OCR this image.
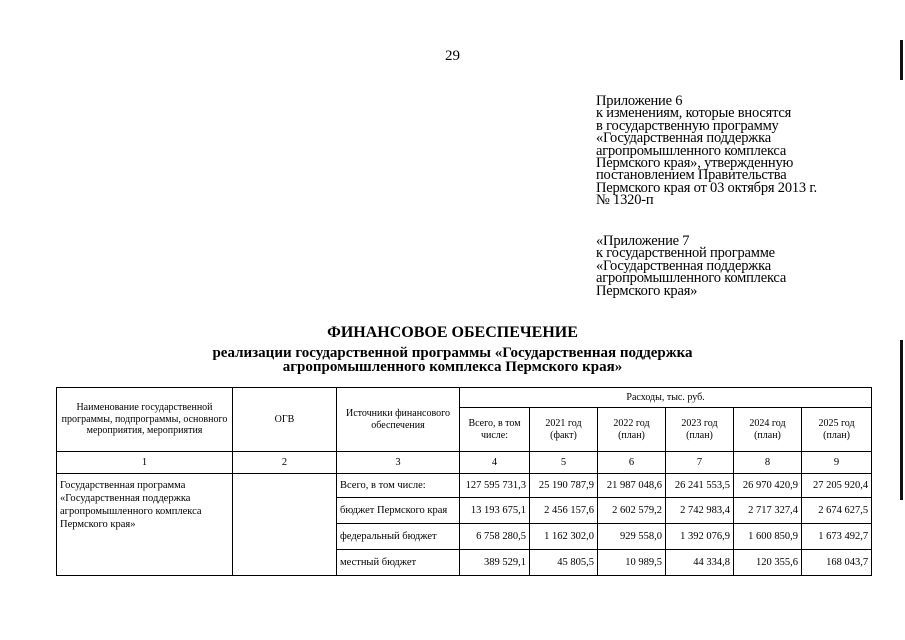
29
Приложение 6
к изменениям, которые вносятся
в государственную программу
«Государственная поддержка
агропромышленного комплекса
Пермского края», утвержденную
постановлением Правительства
Пермского края от 03 октября 2013 г.
№ 1320-п
«Приложение 7
к государственной программе
«Государственная поддержка
агропромышленного комплекса
Пермского края»
ФИНАНСОВОЕ ОБЕСПЕЧЕНИЕ
реализации государственной программы «Государственная поддержка
агропромышленного комплекса Пермского края»
Наименование государственной программы, подпрограммы, основного мероприятия, мероприятия	ОГВ	Источники финансового обеспечения	Расходы, тыс. руб.					
			Всего, в том числе:	2021 год (факт)	2022 год (план)	2023 год (план)	2024 год (план)	2025 год (план)
1	2	3	4	5	6	7	8	9
Государственная программа «Государственная поддержка агропромышленного комплекса Пермского края»		Всего, в том числе:	127 595 731,3	25 190 787,9	21 987 048,6	26 241 553,5	26 970 420,9	27 205 920,4
		бюджет Пермского края	13 193 675,1	2 456 157,6	2 602 579,2	2 742 983,4	2 717 327,4	2 674 627,5
		федеральный бюджет	6 758 280,5	1 162 302,0	929 558,0	1 392 076,9	1 600 850,9	1 673 492,7
		местный бюджет	389 529,1	45 805,5	10 989,5	44 334,8	120 355,6	168 043,7
